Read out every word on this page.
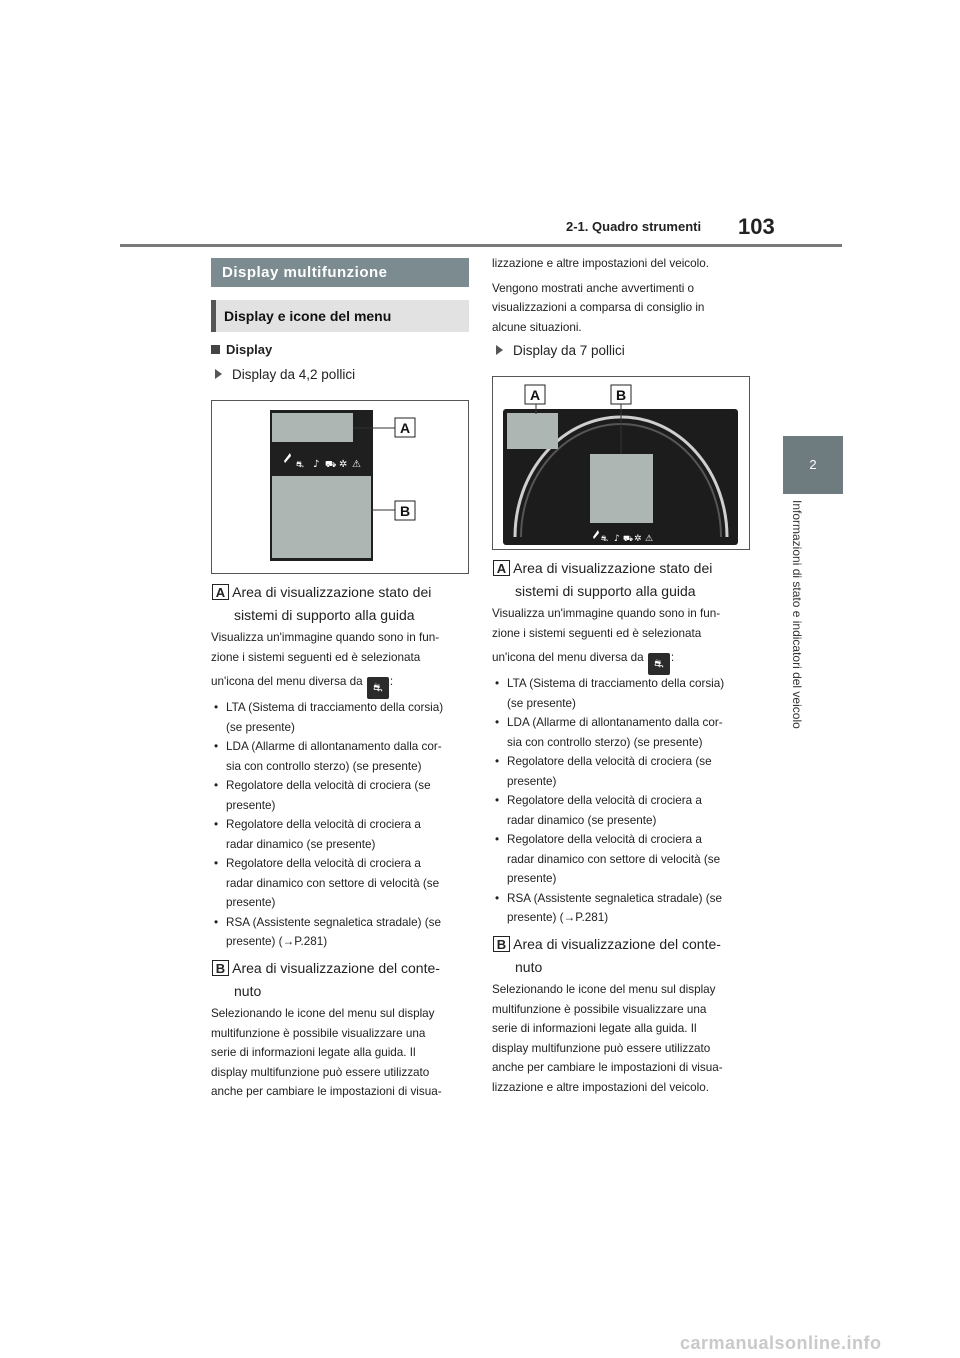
2-1. Quadro strumenti 103
2
Informazioni di stato e indicatori del veicolo
Display multifunzione
Display e icone del menu
Display
Display da 4,2 pollici
⛐ ♪ ⛟ ✲ ⚠
A
B
A Area di visualizzazione stato dei
sistemi di supporto alla guida

Visualizza un'immagine quando sono in fun-

zione i sistemi seguenti ed è selezionata

un'icona del menu diversa da ⛐ :

• LTA (Sistema di tracciamento della corsia)
(se presente)
• LDA (Allarme di allontanamento dalla cor-
sia con controllo sterzo) (se presente)
• Regolatore della velocità di crociera (se
presente)
• Regolatore della velocità di crociera a
radar dinamico (se presente)
• Regolatore della velocità di crociera a
radar dinamico con settore di velocità (se
presente)
• RSA (Assistente segnaletica stradale) (se
presente) (→P.281)
B Area di visualizzazione del conte-
nuto

Selezionando le icone del menu sul display

multifunzione è possibile visualizzare una

serie di informazioni legate alla guida. Il

display multifunzione può essere utilizzato

anche per cambiare le impostazioni di visua-

lizzazione e altre impostazioni del veicolo.

Vengono mostrati anche avvertimenti o

visualizzazioni a comparsa di consiglio in

alcune situazioni.

Display da 7 pollici
⛐ ♪ ⛟ ✲ ⚠
A	B
A Area di visualizzazione stato dei
sistemi di supporto alla guida

Visualizza un'immagine quando sono in fun-

zione i sistemi seguenti ed è selezionata

un'icona del menu diversa da ⛐ :

• LTA (Sistema di tracciamento della corsia)
(se presente)
• LDA (Allarme di allontanamento dalla cor-
sia con controllo sterzo) (se presente)
• Regolatore della velocità di crociera (se
presente)
• Regolatore della velocità di crociera a
radar dinamico (se presente)
• Regolatore della velocità di crociera a
radar dinamico con settore di velocità (se
presente)
• RSA (Assistente segnaletica stradale) (se
presente) (→P.281)
B Area di visualizzazione del conte-
nuto

Selezionando le icone del menu sul display

multifunzione è possibile visualizzare una

serie di informazioni legate alla guida. Il

display multifunzione può essere utilizzato

anche per cambiare le impostazioni di visua-

lizzazione e altre impostazioni del veicolo.

carmanualsonline.info
